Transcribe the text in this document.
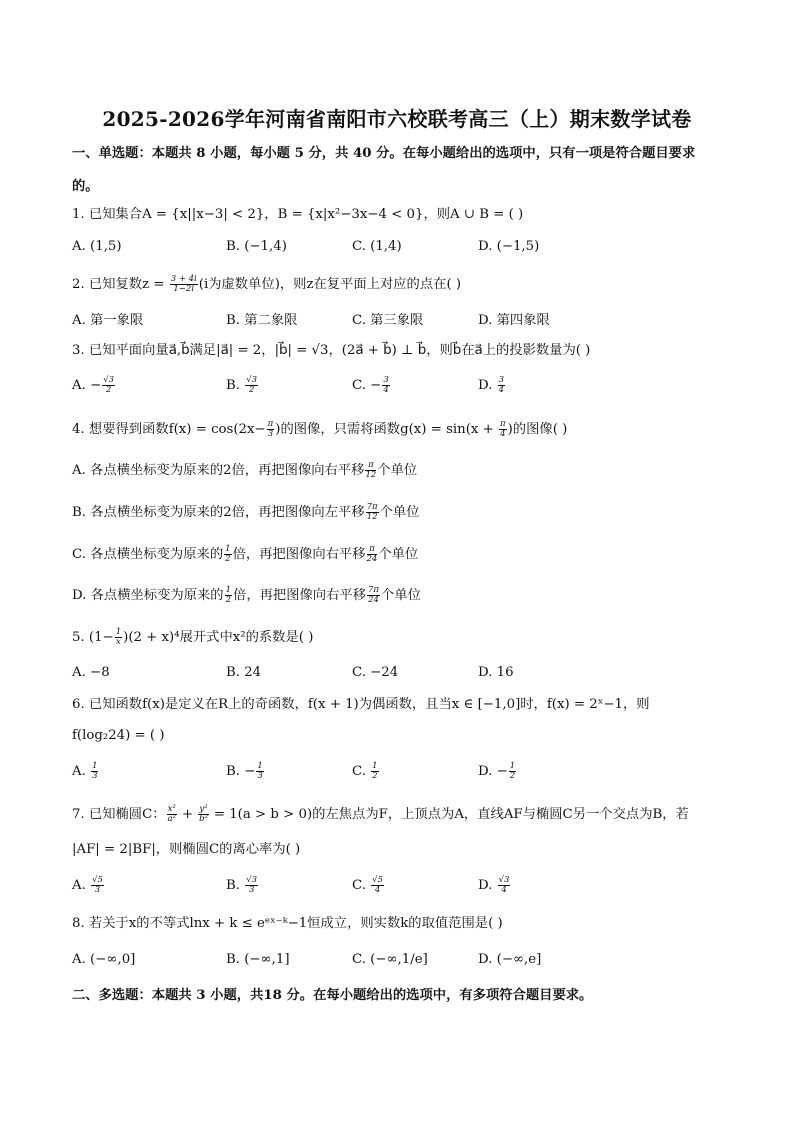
2025-2026学年河南省南阳市六校联考高三（上）期末数学试卷
一、单选题：本题共 8 小题，每小题 5 分，共 40 分。在每小题给出的选项中，只有一项是符合题目要求
的。
1. 已知集合A = {x||x−3| < 2}，B = {x|x²−3x−4 < 0}，则A ∪ B = ( )
A. (1,5)	B. (−1,4)	C. (1,4)	D. (−1,5)
2. 已知复数$z = \frac{3 + 4i}{1-2i} (i$为虚数单位)，则z在复平面上对应的点在( )
A. 第一象限	B. 第二象限	C. 第三象限	D. 第四象限
3. 已知平面向量a⃗,b⃗满足|a⃗| = 2，|b⃗| = √3，(2a⃗ + b⃗) ⊥ b⃗，则b⃗在a⃗上的投影数量为( )
A. − $\frac{√3}{2}$	B. $\frac{√3}{2}$	C. − $\frac{3}{4}$	D. $\frac{3}{4}$
4. 想要得到函数$f(x) = \cos(2x- \frac{\pi}{3}$ )的图像，只需将函数$g(x) = \sin(x + \frac{\pi}{4}$ )的图像( )
A. 各点横坐标变为原来的2倍，再把图像向右平移 $\frac{\pi}{12}$ 个单位
B. 各点横坐标变为原来的2倍，再把图像向左平移 $\frac{7\pi}{12}$ 个单位
C. 各点横坐标变为原来的 $\frac{1}{2}$ 倍，再把图像向右平移 $\frac{\pi}{24}$ 个单位
D. 各点横坐标变为原来的 $\frac{1}{2}$ 倍，再把图像向右平移 $\frac{7\pi}{24}$ 个单位
5. $(1- \frac{1}{x} )(2 + x)^4$展开式中x²的系数是( )
A. −8	B. 24	C. −24	D. 16
6. 已知函数f(x)是定义在R上的奇函数，f(x + 1)为偶函数，且当x ∈ [−1,0]时，f(x) = 2ˣ−1，则
f(log₂24) = ( )
A. $\frac{1}{3}$	B. − $\frac{1}{3}$	C. $\frac{1}{2}$	D. − $\frac{1}{2}$
7. 已知椭圆C： $\frac{\text{x²}}{\text{a²}} + \frac{\text{y²}}{\text{b²}} = 1(a > b > 0)$的左焦点为F，上顶点为A，直线AF与椭圆C另一个交点为B，若
|AF| = 2|BF|，则椭圆C的离心率为( )
A. $\frac{√5}{3}$	B. $\frac{√3}{3}$	C. $\frac{√5}{4}$	D. $\frac{√3}{4}$
8. 若关于x的不等式lnx + k ≤ eᵉˣ⁻ᵏ−1恒成立，则实数k的取值范围是( )
A. (−∞,0]	B. (−∞,1]	C. (−∞,1/e]	D. (−∞,e]
二、多选题：本题共 3 小题，共18 分。在每小题给出的选项中，有多项符合题目要求。
